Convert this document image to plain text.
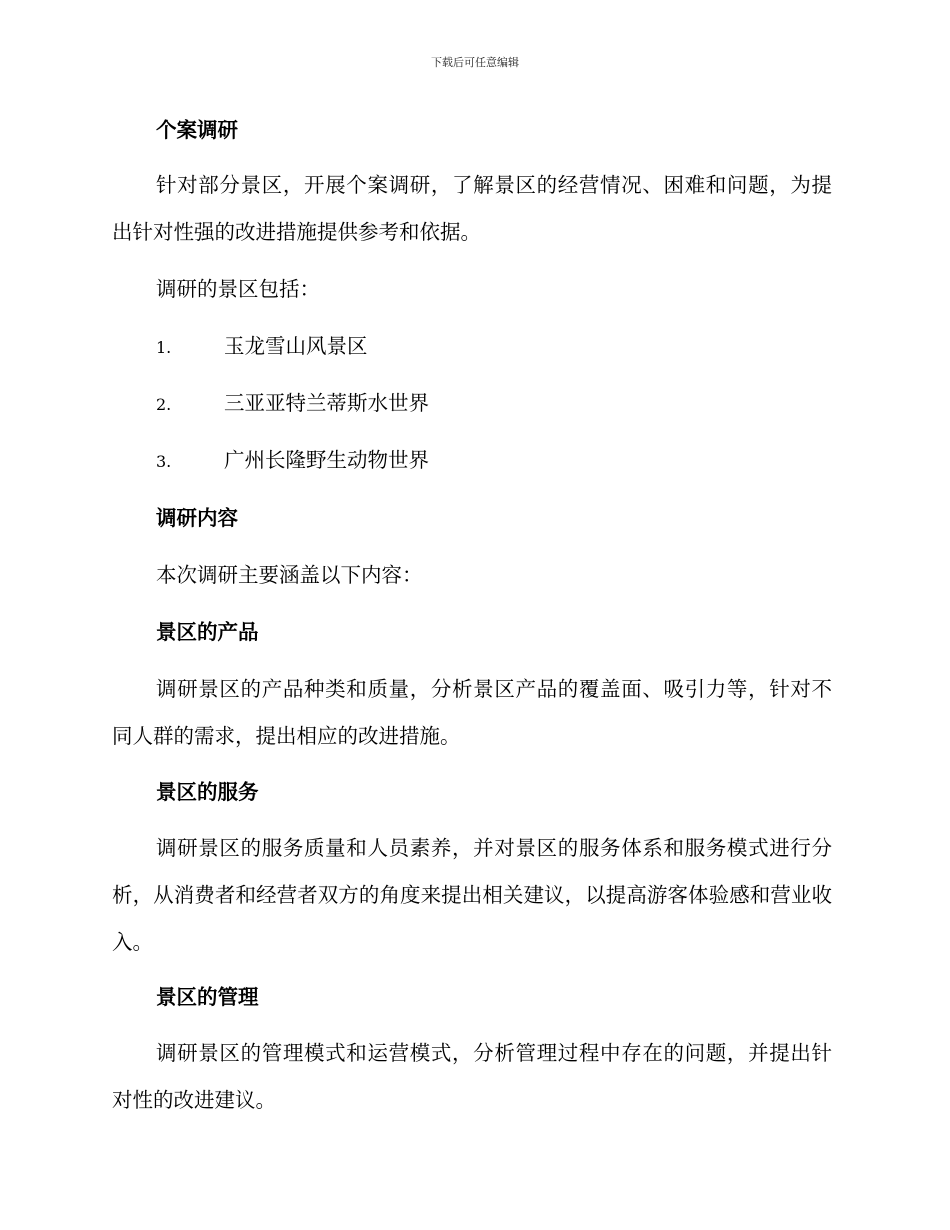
下载后可任意编辑
个案调研

针对部分景区，开展个案调研，了解景区的经营情况、困难和问题，为提出针对性强的改进措施提供参考和依据。

调研的景区包括：
1.	玉龙雪山风景区
2.	三亚亚特兰蒂斯水世界
3.	广州长隆野生动物世界
调研内容
本次调研主要涵盖以下内容：
景区的产品

调研景区的产品种类和质量，分析景区产品的覆盖面、吸引力等，针对不同人群的需求，提出相应的改进措施。

景区的服务

调研景区的服务质量和人员素养，并对景区的服务体系和服务模式进行分析，从消费者和经营者双方的角度来提出相关建议，以提高游客体验感和营业收入。

景区的管理

调研景区的管理模式和运营模式，分析管理过程中存在的问题，并提出针对性的改进建议。
